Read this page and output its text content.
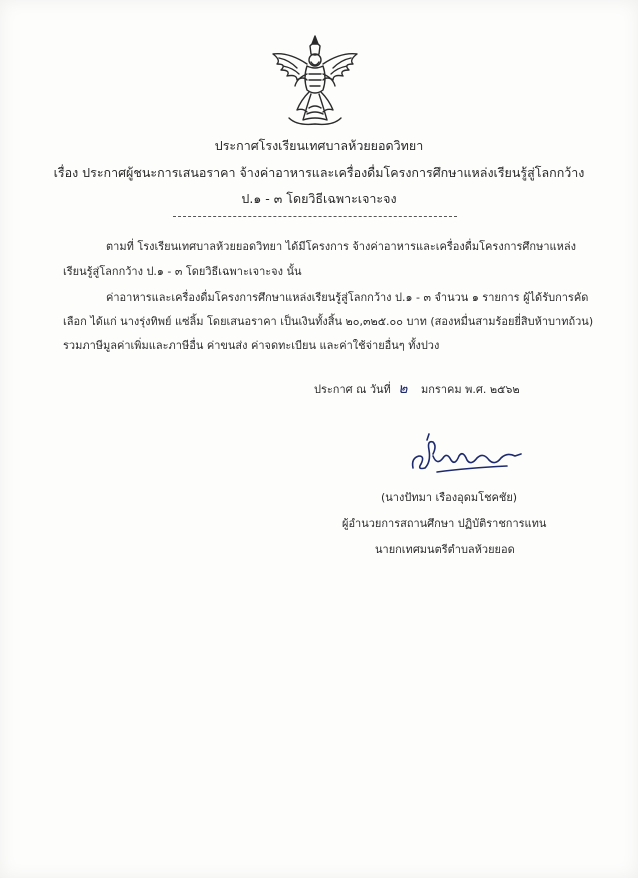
ประกาศโรงเรียนเทศบาลห้วยยอดวิทยา
เรื่อง ประกาศผู้ชนะการเสนอราคา จ้างค่าอาหารและเครื่องดื่มโครงการศึกษาแหล่งเรียนรู้สู่โลกกว้าง
ป.๑ - ๓ โดยวิธีเฉพาะเจาะจง
ตามที่ โรงเรียนเทศบาลห้วยยอดวิทยา ได้มีโครงการ จ้างค่าอาหารและเครื่องดื่มโครงการศึกษาแหล่ง
เรียนรู้สู่โลกกว้าง ป.๑ - ๓ โดยวิธีเฉพาะเจาะจง นั้น
ค่าอาหารและเครื่องดื่มโครงการศึกษาแหล่งเรียนรู้สู่โลกกว้าง ป.๑ - ๓ จำนวน ๑ รายการ ผู้ได้รับการคัด
เลือก ได้แก่ นางรุ่งทิพย์ แซ่ลิ้ม โดยเสนอราคา เป็นเงินทั้งสิ้น ๒๐,๓๒๕.๐๐ บาท (สองหมื่นสามร้อยยี่สิบห้าบาทถ้วน)
รวมภาษีมูลค่าเพิ่มและภาษีอื่น ค่าขนส่ง ค่าจดทะเบียน และค่าใช้จ่ายอื่นๆ ทั้งปวง
ประกาศ ณ วันที่ ๒ มกราคม พ.ศ. ๒๕๖๒
(นางปัทมา เรืองอุดมโชคชัย)
ผู้อำนวยการสถานศึกษา ปฏิบัติราชการแทน
นายกเทศมนตรีตำบลห้วยยอด
